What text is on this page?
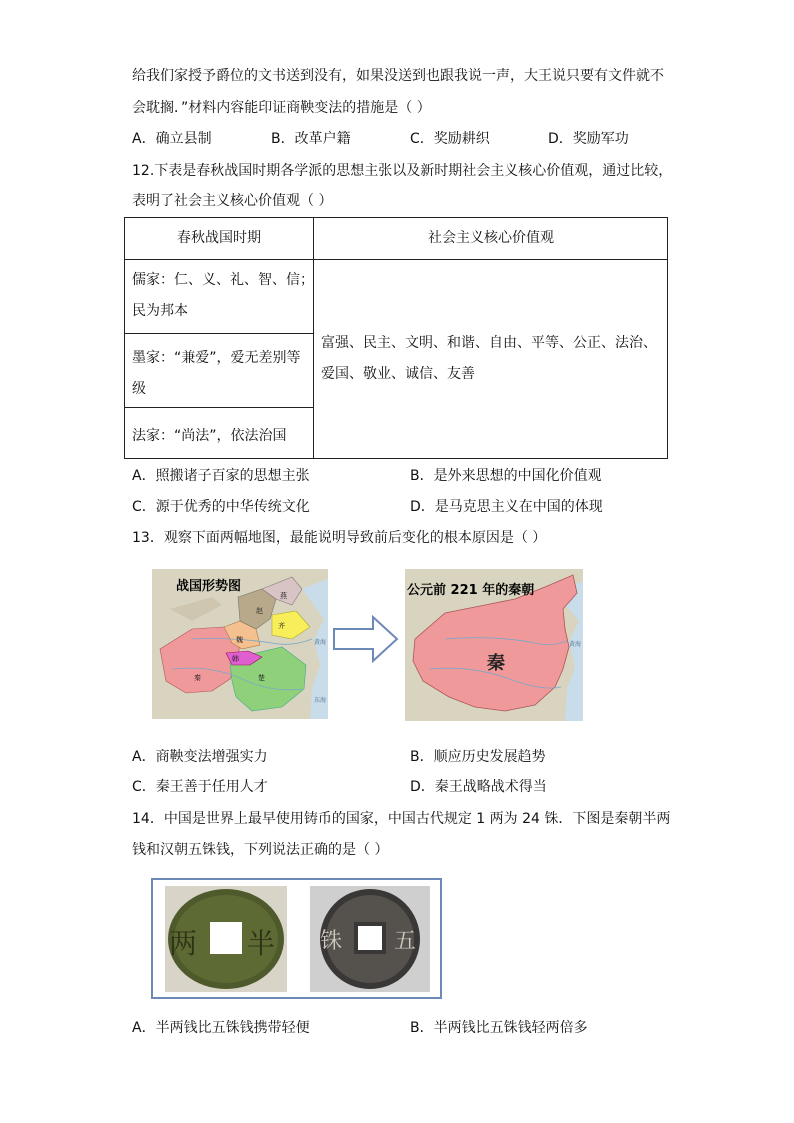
给我们家授予爵位的文书送到没有，如果没送到也跟我说一声，大王说只要有文件就不
会耽搁．”材料内容能印证商鞅变法的措施是（ ）
A．确立县制	B．改革户籍	C．奖励耕织	D．奖励军功
12.下表是春秋战国时期各学派的思想主张以及新时期社会主义核心价值观，通过比较，
表明了社会主义核心价值观（ ）
春秋战国时期	社会主义核心价值观
儒家：仁、义、礼、智、信；
民为邦本
墨家：“兼爱”，爱无差别等
级
法家：“尚法”，依法治国
富强、民主、文明、和谐、自由、平等、公正、法治、
爱国、敬业、诚信、友善
A．照搬诸子百家的思想主张	B．是外来思想的中国化价值观
C．源于优秀的中华传统文化	D．是马克思主义在中国的体现
13．观察下面两幅地图，最能说明导致前后变化的根本原因是（ ）
战国形势图
秦	楚
魏
韩
赵
齐
燕
黄海
东海
公元前 221 年的秦朝
秦
黄海
A．商鞅变法增强实力	B．顺应历史发展趋势
C．秦王善于任用人才	D．秦王战略战术得当
14．中国是世界上最早使用铸币的国家，中国古代规定 1 两为 24 铢．下图是秦朝半两
钱和汉朝五铢钱，下列说法正确的是（ ）
两 半 铢 五
A．半两钱比五铢钱携带轻便	B．半两钱比五铢钱轻两倍多
